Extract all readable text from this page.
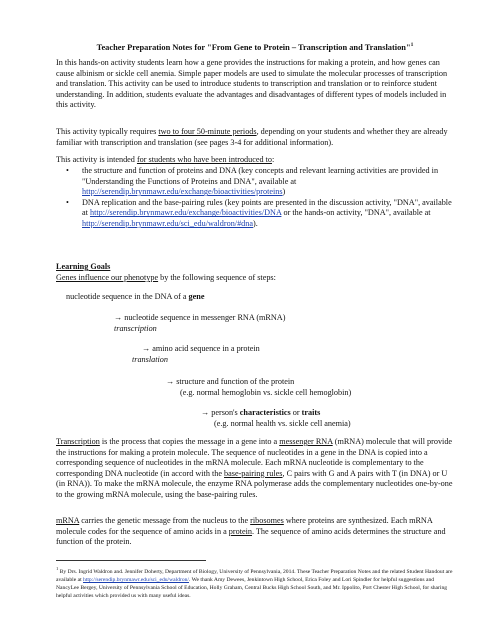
Teacher Preparation Notes for "From Gene to Protein – Transcription and Translation"$^1$

In this hands-on activity students learn how a gene provides the instructions for making a protein, and how genes can cause albinism or sickle cell anemia. Simple paper models are used to simulate the molecular processes of transcription and translation. This activity can be used to introduce students to transcription and translation or to reinforce student understanding. In addition, students evaluate the advantages and disadvantages of different types of models included in this activity.

This activity typically requires two to four 50-minute periods, depending on your students and whether they are already familiar with transcription and translation (see pages 3-4 for additional information).

This activity is intended for students who have been introduced to:

• the structure and function of proteins and DNA (key concepts and relevant learning activities are provided in "Understanding the Functions of Proteins and DNA", available at http://serendip.brynmawr.edu/exchange/bioactivities/proteins)
• DNA replication and the base-pairing rules (key points are presented in the discussion activity, "DNA", available at http://serendip.brynmawr.edu/exchange/bioactivities/DNA or the hands-on activity, "DNA", available at http://serendip.brynmawr.edu/sci_edu/waldron/#dna).

Learning Goals

Genes influence our phenotype by the following sequence of steps:

nucleotide sequence in the DNA of a gene
→ nucleotide sequence in messenger RNA (mRNA)
transcription
→ amino acid sequence in a protein
translation
→ structure and function of the protein
(e.g. normal hemoglobin vs. sickle cell hemoglobin)
→ person's characteristics or traits
(e.g. normal health vs. sickle cell anemia)

Transcription is the process that copies the message in a gene into a messenger RNA (mRNA) molecule that will provide the instructions for making a protein molecule. The sequence of nucleotides in a gene in the DNA is copied into a corresponding sequence of nucleotides in the mRNA molecule. Each mRNA nucleotide is complementary to the corresponding DNA nucleotide (in accord with the base-pairing rules, C pairs with G and A pairs with T (in DNA) or U (in RNA)). To make the mRNA molecule, the enzyme RNA polymerase adds the complementary nucleotides one-by-one to the growing mRNA molecule, using the base-pairing rules.

mRNA carries the genetic message from the nucleus to the ribosomes where proteins are synthesized. Each mRNA molecule codes for the sequence of amino acids in a protein. The sequence of amino acids determines the structure and function of the protein.

$^1$ By Drs. Ingrid Waldron and. Jennifer Doherty, Department of Biology, University of Pennsylvania, 2014. These Teacher Preparation Notes and the related Student Handout are available at http://serendip.brynmawr.edu/sci_edu/waldron/. We thank Amy Dewees, Jenkintown High School, Erica Foley and Lori Spindler for helpful suggestions and NancyLee Bergey, University of Pennsylvania School of Education, Holly Graham, Central Bucks High School South, and Mr. Ippolito, Port Chester High School, for sharing helpful activities which provided us with many useful ideas.
